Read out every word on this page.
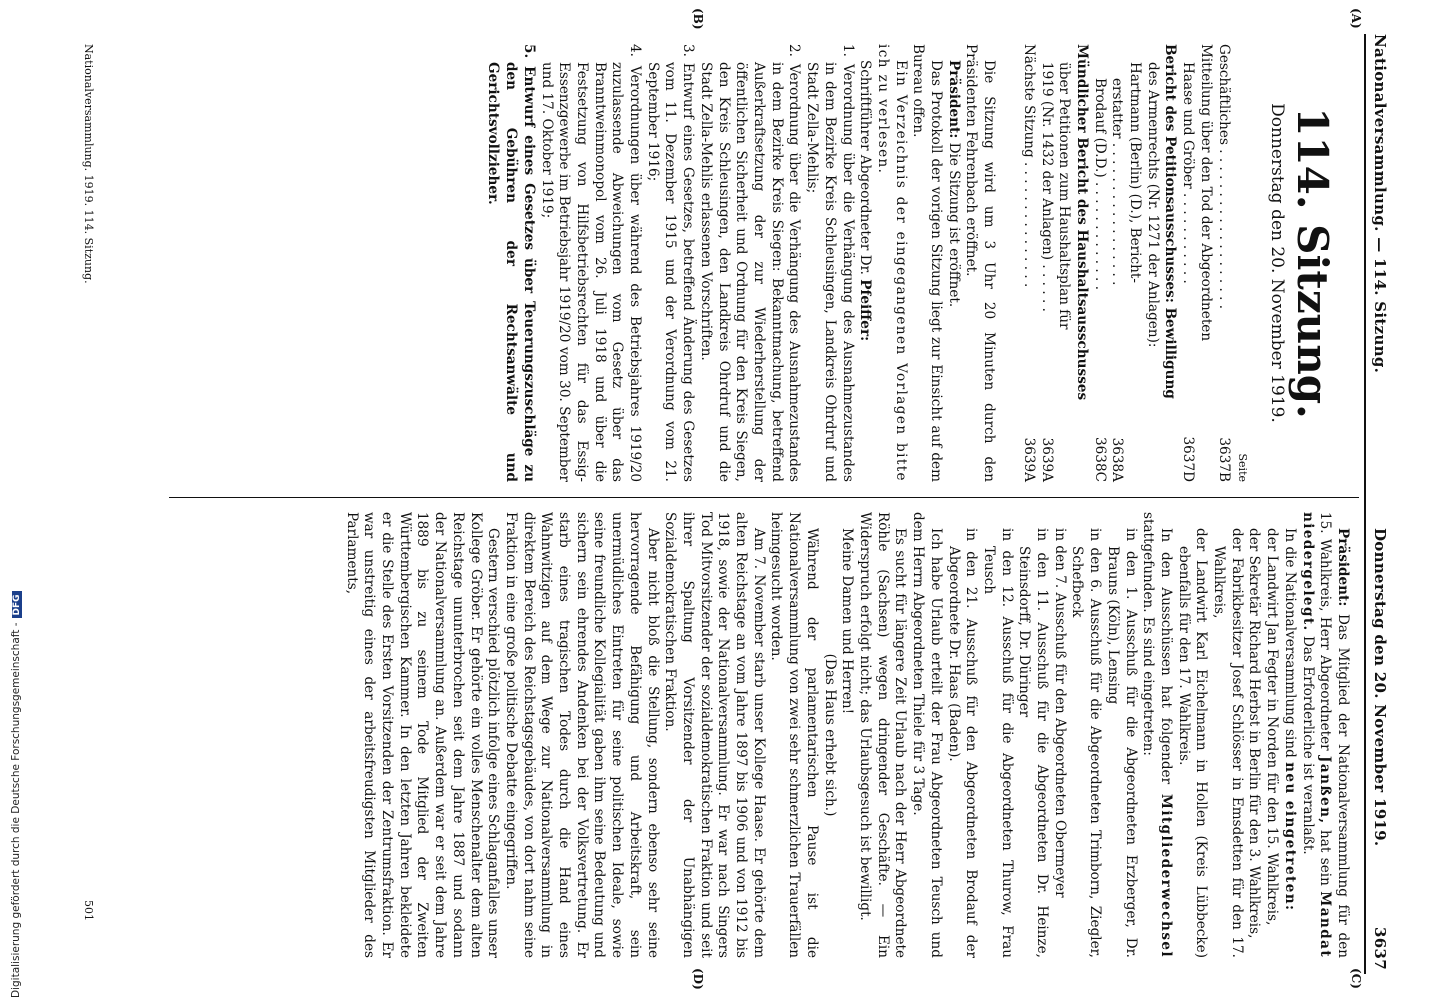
Nationalversammlung. — 114. Sitzung.
Donnerstag den 20. November 1919.
3637
(A)
(B)
(C)
(D)
114. Sitzung.
Donnerstag den 20. November 1919.
Seite
Geschäftliches . . . . . . . . . . . . . . . . . . .	3637B
Mitteilung über den Tod der Abgeordneten	
Haase und Gröber . . . . . . . . . . .	3637D
Bericht des Petitionsausschusses: Bewilligung	
des Armenrechts (Nr. 1271 der Anlagen):	
Hartmann (Berlin) (D.), Bericht-	
erstatter . . . . . . . . . . . . . . . . .	3638A
Brodauf (D.D.) . . . . . . . . . . . . .	3638C
Mündlicher Bericht des Haushaltsausschusses	
über Petitionen zum Haushaltsplan für	
1919 (Nr. 1432 der Anlagen) . . . . . .	3639A
Nächste Sitzung . . . . . . . . . . . . . . .	3639A

Die Sitzung wird um 3 Uhr 20 Minuten durch den Präsidenten Fehrenbach eröffnet.

Präsident: Die Sitzung ist eröffnet.

Das Protokoll der vorigen Sitzung liegt zur Einsicht auf dem Bureau offen.

Ein Verzeichnis der eingegangenen Vorlagen bitte ich zu verlesen.

Schriftführer Abgeordneter Dr. Pfeiffer:

1. Verordnung über die Verhängung des Ausnahmezustandes in dem Bezirke Kreis Schleusingen, Landkreis Ohrdruf und Stadt Zella-Mehlis;

2. Verordnung über die Verhängung des Ausnahmezustandes in dem Bezirke Kreis Siegen: Bekanntmachung, betreffend Außerkraftsetzung der zur Wiederherstellung der öffentlichen Sicherheit und Ordnung für den Kreis Siegen, den Kreis Schleusingen, den Landkreis Ohrdruf und die Stadt Zella-Mehlis erlassenen Vorschriften.

3. Entwurf eines Gesetzes, betreffend Änderung des Gesetzes vom 11. Dezember 1915 und der Verordnung vom 21. September 1916;

4. Verordnungen über während des Betriebsjahres 1919/20 zuzulassende Abweichungen vom Gesetz über das Branntweinmonopol vom 26. Juli 1918 und über die Festsetzung von Hilfsbetriebsrechten für das Essig-Essenzgewerbe im Betriebsjahr 1919/20 vom 30. September und 17. Oktober 1919;

5. Entwurf eines Gesetzes über Teuerungszuschläge zu den Gebühren der Rechtsanwälte und Gerichtsvollzieher.

Präsident: Das Mitglied der Nationalversammlung für den 15. Wahlkreis, Herr Abgeordneter Janßen, hat sein Mandat niedergelegt. Das Erforderliche ist veranlaßt.

In die Nationalversammlung sind neu eingetreten:

der Landwirt Jan Fegter in Norden für den 15. Wahlkreis,

der Sekretär Richard Herbst in Berlin für den 3. Wahlkreis,

der Fabrikbesitzer Josef Schlösser in Emsdetten für den 17. Wahlkreis,

der Landwirt Karl Eichelmann in Hollen (Kreis Lübbecke) ebenfalls für den 17. Wahlkreis.

In den Ausschüssen hat folgender Mitgliederwechsel stattgefunden. Es sind eingetreten:

in den 1. Ausschuß für die Abgeordneten Erzberger, Dr. Brauns (Köln), Lensing

in den 6. Ausschuß für die Abgeordneten Trimborn, Ziegler, Schefbeck

in den 7. Ausschuß für den Abgeordneten Obermeyer

in den 11. Ausschuß für die Abgeordneten Dr. Heinze, Steinsdorff, Dr. Düringer

in den 12. Ausschuß für die Abgeordneten Thurow, Frau Teusch

in den 21. Ausschuß für den Abgeordneten Brodauf der Abgeordnete Dr. Haas (Baden).

Ich habe Urlaub erteilt der Frau Abgeordneten Teusch und dem Herrn Abgeordneten Thiele für 3 Tage.

Es sucht für längere Zeit Urlaub nach der Herr Abgeordnete Röhle (Sachsen) wegen dringender Geschäfte. — Ein Widerspruch erfolgt nicht; das Urlaubsgesuch ist bewilligt.

Meine Damen und Herren!

(Das Haus erhebt sich.)

Während der parlamentarischen Pause ist die Nationalversammlung von zwei sehr schmerzlichen Trauerfällen heimgesucht worden.

Am 7. November starb unser Kollege Haase. Er gehörte dem alten Reichstage an vom Jahre 1897 bis 1906 und von 1912 bis 1918, sowie der Nationalversammlung. Er war nach Singers Tod Mitvorsitzender der sozialdemokratischen Fraktion und seit ihrer Spaltung Vorsitzender der Unabhängigen Sozialdemokratischen Fraktion.

Aber nicht bloß die Stellung, sondern ebenso sehr seine hervorragende Befähigung und Arbeitskraft, sein unermüdliches Eintreten für seine politischen Ideale, sowie seine freundliche Kollegialität gaben ihm seine Bedeutung und sichern sein ehrendes Andenken bei der Volksvertretung. Er starb eines tragischen Todes durch die Hand eines Wahnwitzigen auf dem Wege zur Nationalversammlung in direktem Bereich des Reichstagsgebäudes, von dort nahm seine Fraktion in eine große politische Debatte eingegriffen.

Gestern verschied plötzlich infolge eines Schlaganfalles unser Kollege Gröber. Er gehörte ein volles Menschenalter dem alten Reichstage ununterbrochen seit dem Jahre 1887 und sodann der Nationalversammlung an. Außerdem war er seit dem Jahre 1889 bis zu seinem Tode Mitglied der Zweiten Württembergischen Kammer. In den letzten Jahren bekleidete er die Stelle des Ersten Vorsitzenden der Zentrumsfraktion. Er war unstreitig eines der arbeitsfreudigsten Mitglieder des Parlaments,

Nationalversammlung. 1919. 114. Sitzung.
501
Digitalisierung gefördert durch die Deutsche Forschungsgemeinschaft -DFG
